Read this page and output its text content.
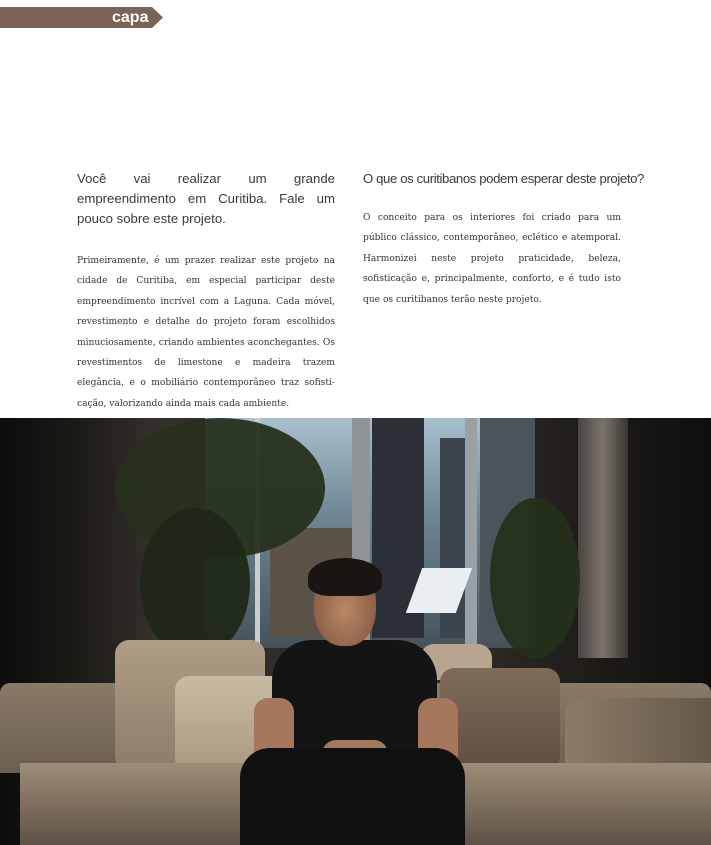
capa
Você vai realizar um grande empreendimento em Curitiba. Fale um pouco sobre este projeto.

Primeiramente, é um prazer realizar este projeto na cidade de Curitiba, em especial participar deste empreendimento incrível com a Laguna. Cada móvel, revestimento e detalhe do projeto foram escolhidos minuciosamente, criando ambientes aconchegantes. Os revestimentos de limestone e madeira trazem elegância, e o mobiliário contemporâneo traz sofisticação, valorizando ainda mais cada ambiente.

O que os curitibanos podem esperar deste projeto?

O conceito para os interiores foi criado para um público clássico, contemporâneo, eclético e atemporal. Harmonizei neste projeto praticidade, beleza, sofisticação e, principalmente, conforto, e é tudo isto que os curitibanos terão neste projeto.
